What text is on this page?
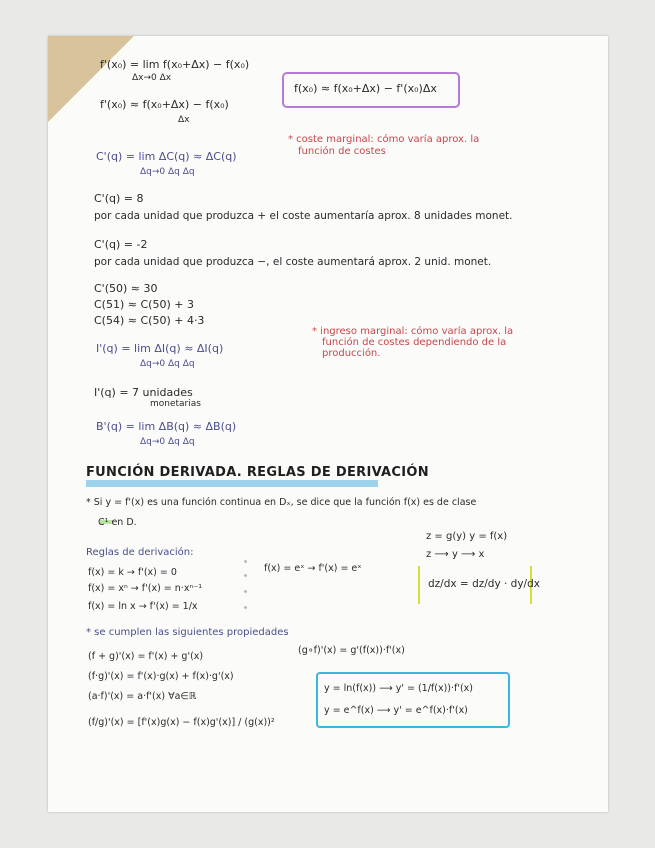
f'(x₀) = lim f(x₀+Δx) − f(x₀)
Δx→0 Δx
f'(x₀) ≈ f(x₀+Δx) − f(x₀)
Δx
f(x₀) ≈ f(x₀+Δx) − f'(x₀)Δx
C'(q) = lim ΔC(q) ≈ ΔC(q)
Δq→0 Δq Δq
* coste marginal: cómo varía aprox. la
función de costes
C'(q) = 8
por cada unidad que produzca + el coste aumentaría aprox. 8 unidades monet.
C'(q) = -2
por cada unidad que produzca −, el coste aumentará aprox. 2 unid. monet.
C'(50) ≈ 30
C(51) ≈ C(50) + 3
C(54) ≈ C(50) + 4·3
I'(q) = lim ΔI(q) ≈ ΔI(q)
Δq→0 Δq Δq
* ingreso marginal: cómo varía aprox. la
función de costes dependiendo de la
producción.
I'(q) = 7 unidades
monetarias
B'(q) = lim ΔB(q) ≈ ΔB(q)
Δq→0 Δq Δq
FUNCIÓN DERIVADA. REGLAS DE DERIVACIÓN
* Si y = f'(x) es una función continua en Dₓ, se dice que la función f(x) es de clase
C¹ en D.
Reglas de derivación:
f(x) = k → f'(x) = 0
f(x) = xⁿ → f'(x) = n·xⁿ⁻¹
f(x) = ln x → f'(x) = 1/x
f(x) = eˣ → f'(x) = eˣ
z = g(y) y = f(x)
z ⟶ y ⟶ x
dz/dx = dz/dy · dy/dx
* se cumplen las siguientes propiedades
(f + g)'(x) = f'(x) + g'(x)
(f·g)'(x) = f'(x)·g(x) + f(x)·g'(x)
(a·f)'(x) = a·f'(x) ∀a∈ℝ
(f/g)'(x) = [f'(x)g(x) − f(x)g'(x)] / (g(x))²
(g∘f)'(x) = g'(f(x))·f'(x)
y = ln(f(x)) ⟶ y' = (1/f(x))·f'(x)
y = e^f(x) ⟶ y' = e^f(x)·f'(x)
